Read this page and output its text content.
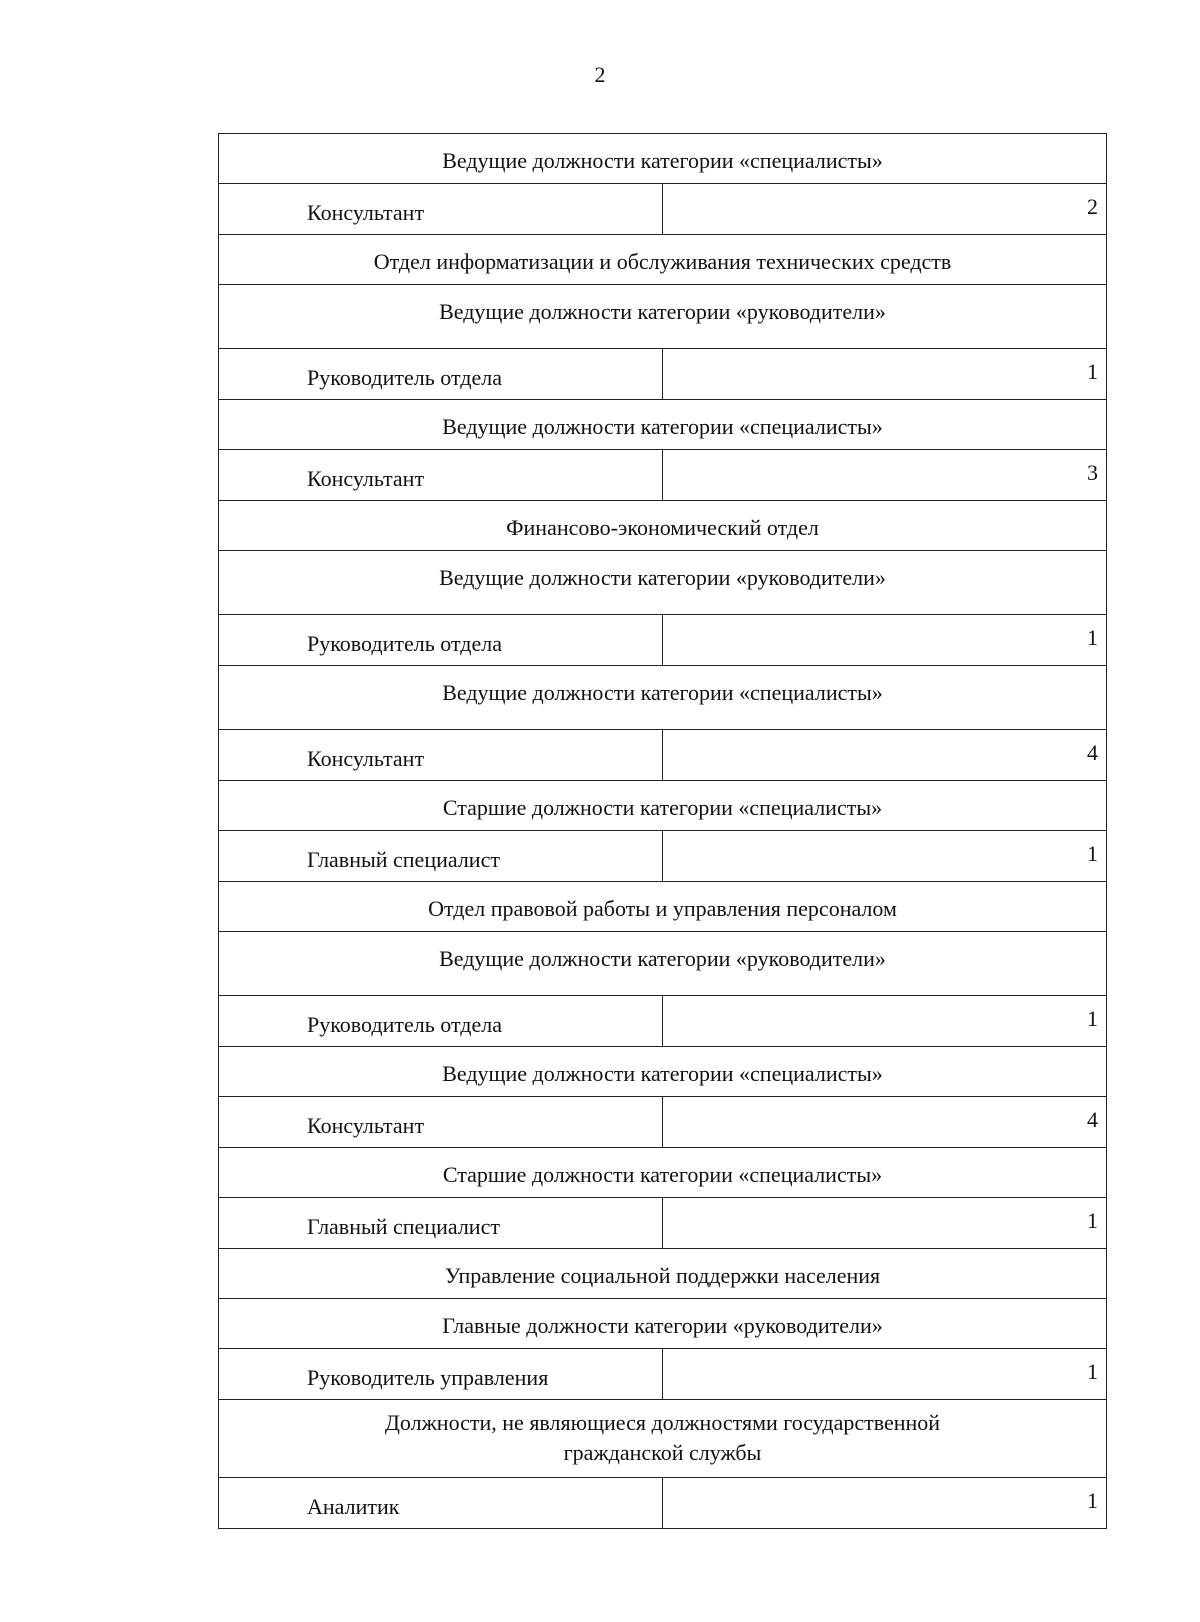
2
Ведущие должности категории «специалисты»
Консультант	2
Отдел информатизации и обслуживания технических средств
Ведущие должности категории «руководители»
Руководитель отдела	1
Ведущие должности категории «специалисты»
Консультант	3
Финансово-экономический отдел
Ведущие должности категории «руководители»
Руководитель отдела	1
Ведущие должности категории «специалисты»
Консультант	4
Старшие должности категории «специалисты»
Главный специалист	1
Отдел правовой работы и управления персоналом
Ведущие должности категории «руководители»
Руководитель отдела	1
Ведущие должности категории «специалисты»
Консультант	4
Старшие должности категории «специалисты»
Главный специалист	1
Управление социальной поддержки населения
Главные должности категории «руководители»
Руководитель управления	1
Должности, не являющиеся должностями государственной
гражданской службы
Аналитик	1
